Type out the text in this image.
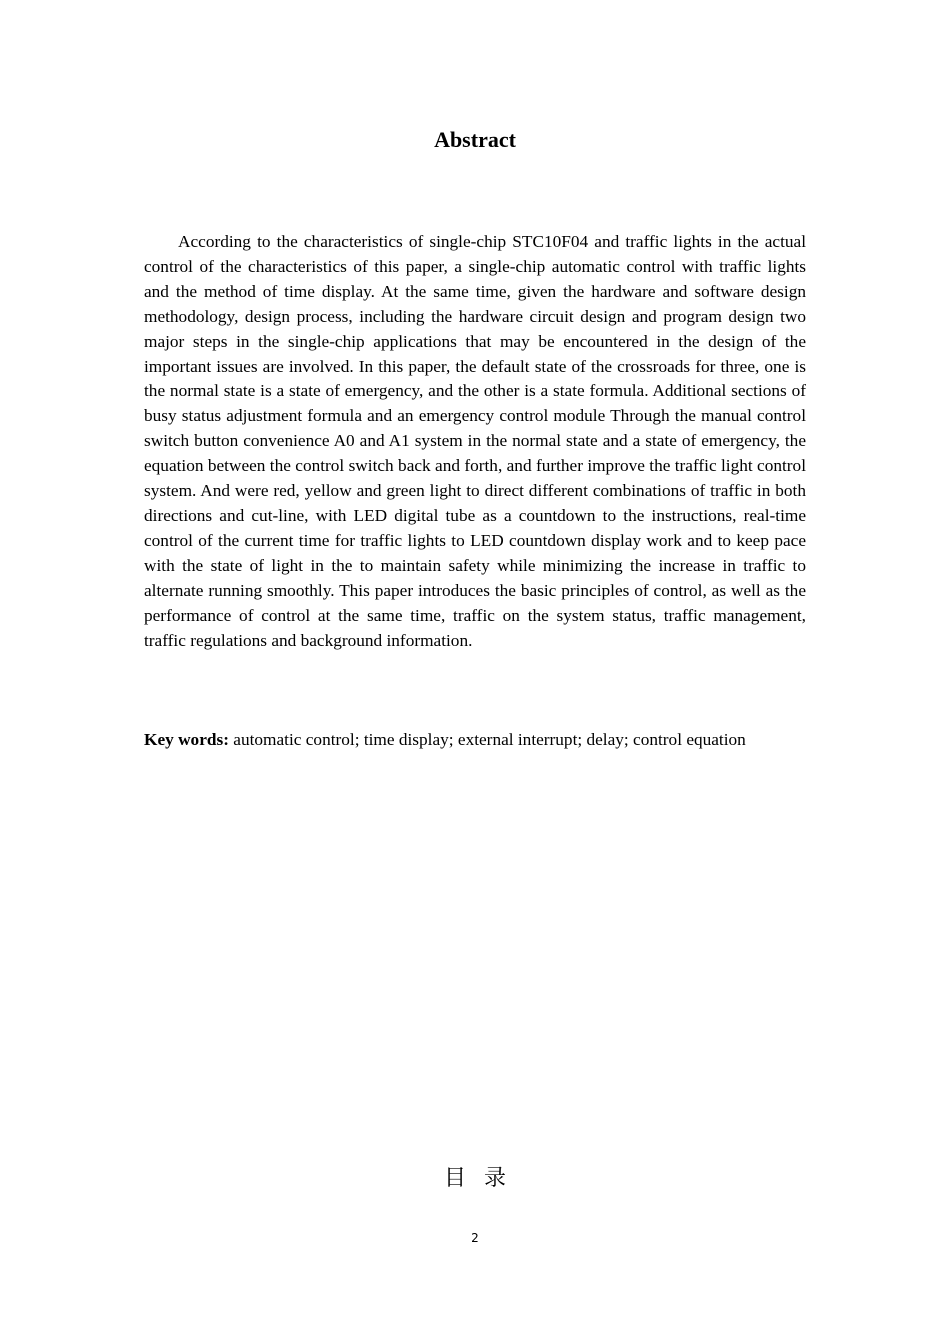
Abstract

According to the characteristics of single-chip STC10F04 and traffic lights in the actual control of the characteristics of this paper, a single-chip automatic control with traffic lights and the method of time display. At the same time, given the hardware and software design methodology, design process, including the hardware circuit design and program design two major steps in the single-chip applications that may be encountered in the design of the important issues are involved. In this paper, the default state of the crossroads for three, one is the normal state is a state of emergency, and the other is a state formula. Additional sections of busy status adjustment formula and an emergency control module Through the manual control switch button convenience A0 and A1 system in the normal state and a state of emergency, the equation between the control switch back and forth, and further improve the traffic light control system. And were red, yellow and green light to direct different combinations of traffic in both directions and cut-line, with LED digital tube as a countdown to the instructions, real-time control of the current time for traffic lights to LED countdown display work and to keep pace with the state of light in the to maintain safety while minimizing the increase in traffic to alternate running smoothly. This paper introduces the basic principles of control, as well as the performance of control at the same time, traffic on the system status, traffic management, traffic regulations and background information.

Key words: automatic control; time display; external interrupt; delay; control equation

目录
2
